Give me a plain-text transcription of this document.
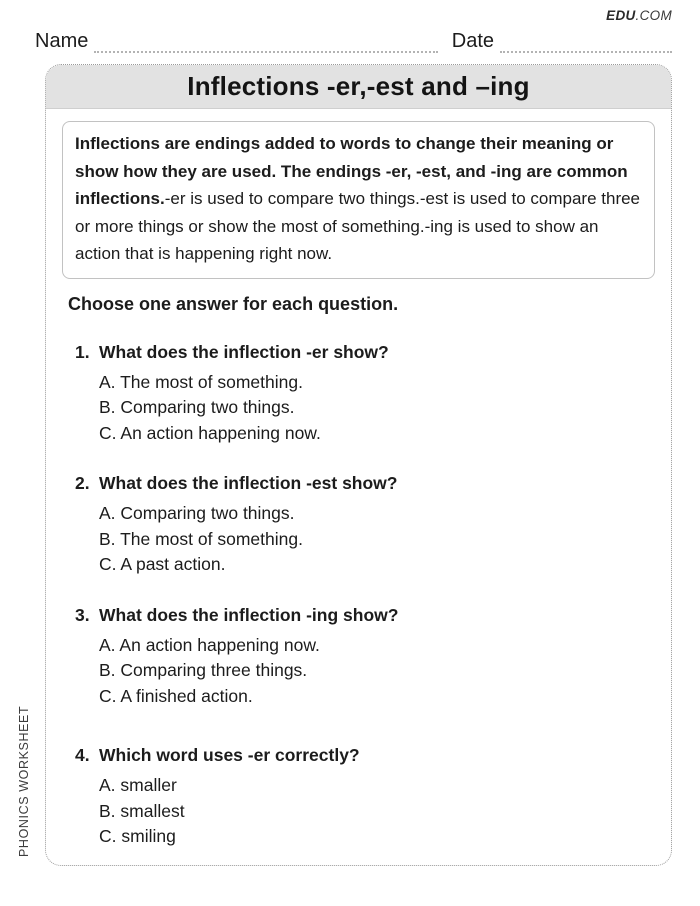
EDU.COM
Name	Date
Inflections -er,-est and –ing
Inflections are endings added to words to change their meaning or show how they are used. The endings -er, -est, and -ing are common inflections.-er is used to compare two things.-est is used to compare three or more things or show the most of something.-ing is used to show an action that is happening right now.
Choose one answer for each question.
1. What does the inflection -er show?
A. The most of something.
B. Comparing two things.
C. An action happening now.
2. What does the inflection -est show?
A. Comparing two things.
B. The most of something.
C. A past action.
3. What does the inflection -ing show?
A. An action happening now.
B. Comparing three things.
C. A finished action.
4. Which word uses -er correctly?
A. smaller
B. smallest
C. smiling
PHONICS WORKSHEET
